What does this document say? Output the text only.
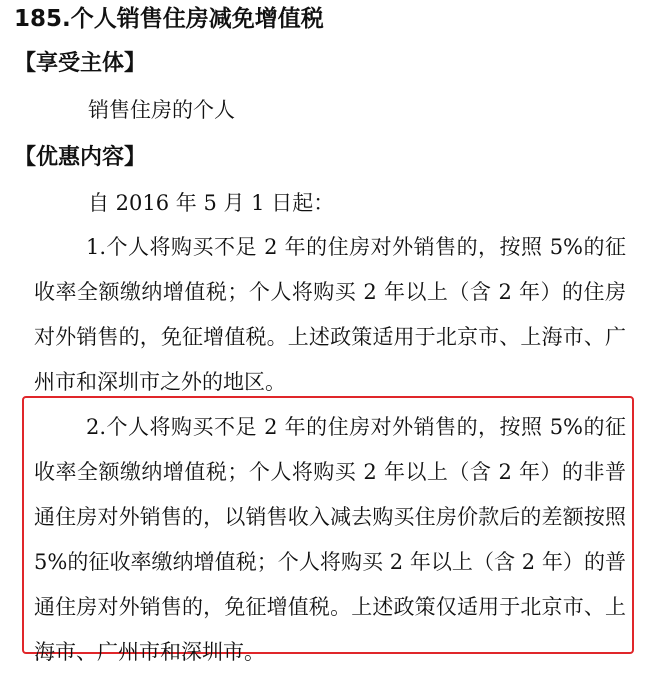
185.个人销售住房减免增值税
【享受主体】
销售住房的个人
【优惠内容】
自 2016 年 5 月 1 日起：

1.个人将购买不足 2 年的住房对外销售的，按照 5%的征收率全额缴纳增值税；个人将购买 2 年以上（含 2 年）的住房对外销售的，免征增值税。上述政策适用于北京市、上海市、广州市和深圳市之外的地区。

2.个人将购买不足 2 年的住房对外销售的，按照 5%的征收率全额缴纳增值税；个人将购买 2 年以上（含 2 年）的非普通住房对外销售的，以销售收入减去购买住房价款后的差额按照 5%的征收率缴纳增值税；个人将购买 2 年以上（含 2 年）的普通住房对外销售的，免征增值税。上述政策仅适用于北京市、上海市、广州市和深圳市。
